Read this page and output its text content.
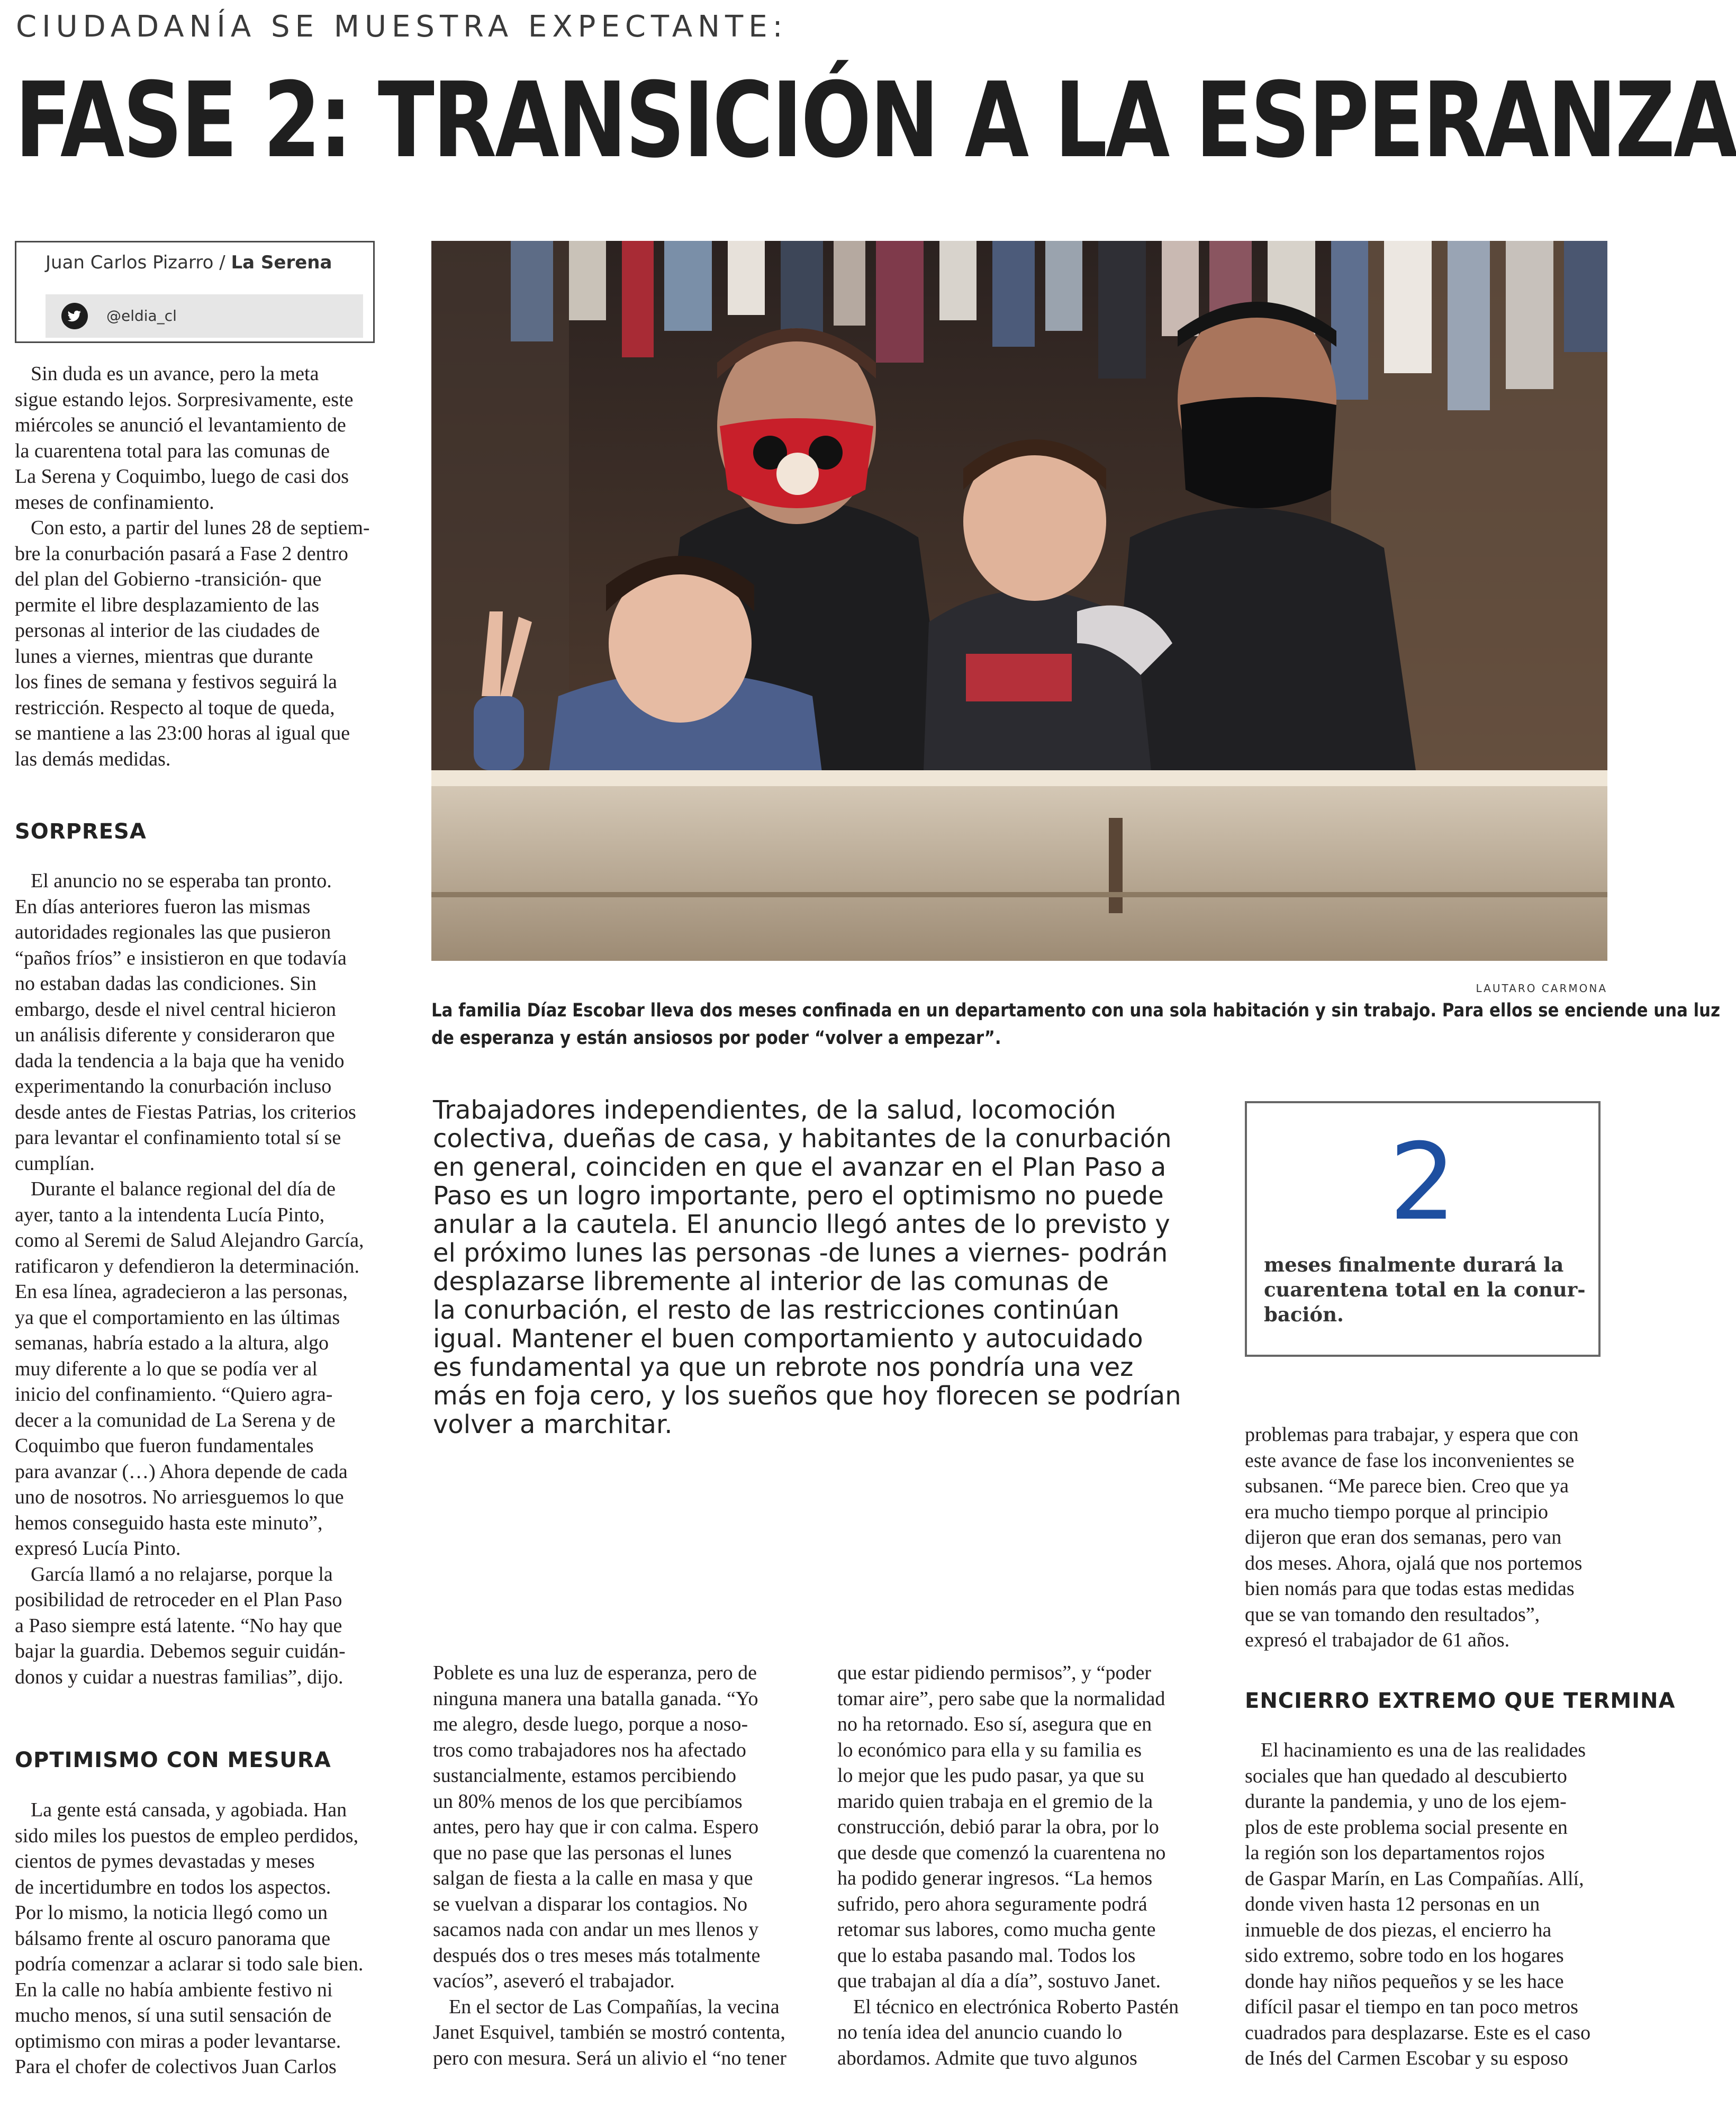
CIUDADANÍA SE MUESTRA EXPECTANTE:
FASE 2: TRANSICIÓN A LA ESPERANZA
Juan Carlos Pizarro / La Serena
@eldia_cl

Sin duda es un avance, pero la meta
sigue estando lejos. Sorpresivamente, este
miércoles se anunció el levantamiento de
la cuarentena total para las comunas de
La Serena y Coquimbo, luego de casi dos
meses de confinamiento.

Con esto, a partir del lunes 28 de septiem-
bre la conurbación pasará a Fase 2 dentro
del plan del Gobierno -transición- que
permite el libre desplazamiento de las
personas al interior de las ciudades de
lunes a viernes, mientras que durante
los fines de semana y festivos seguirá la
restricción. Respecto al toque de queda,
se mantiene a las 23:00 horas al igual que
las demás medidas.

SORPRESA

El anuncio no se esperaba tan pronto.
En días anteriores fueron las mismas
autoridades regionales las que pusieron
“paños fríos” e insistieron en que todavía
no estaban dadas las condiciones. Sin
embargo, desde el nivel central hicieron
un análisis diferente y consideraron que
dada la tendencia a la baja que ha venido
experimentando la conurbación incluso
desde antes de Fiestas Patrias, los criterios
para levantar el confinamiento total sí se
cumplían.

Durante el balance regional del día de
ayer, tanto a la intendenta Lucía Pinto,
como al Seremi de Salud Alejandro García,
ratificaron y defendieron la determinación.
En esa línea, agradecieron a las personas,
ya que el comportamiento en las últimas
semanas, habría estado a la altura, algo
muy diferente a lo que se podía ver al
inicio del confinamiento. “Quiero agra-
decer a la comunidad de La Serena y de
Coquimbo que fueron fundamentales
para avanzar (…) Ahora depende de cada
uno de nosotros. No arriesguemos lo que
hemos conseguido hasta este minuto”,
expresó Lucía Pinto.

García llamó a no relajarse, porque la
posibilidad de retroceder en el Plan Paso
a Paso siempre está latente. “No hay que
bajar la guardia. Debemos seguir cuidán-
donos y cuidar a nuestras familias”, dijo.

OPTIMISMO CON MESURA

La gente está cansada, y agobiada. Han
sido miles los puestos de empleo perdidos,
cientos de pymes devastadas y meses
de incertidumbre en todos los aspectos.
Por lo mismo, la noticia llegó como un
bálsamo frente al oscuro panorama que
podría comenzar a aclarar si todo sale bien.
En la calle no había ambiente festivo ni
mucho menos, sí una sutil sensación de
optimismo con miras a poder levantarse.
Para el chofer de colectivos Juan Carlos

LAUTARO CARMONA
La familia Díaz Escobar lleva dos meses confinada en un departamento con una sola habitación y sin trabajo. Para ellos se enciende una luz
de esperanza y están ansiosos por poder “volver a empezar”.
Trabajadores independientes, de la salud, locomoción
colectiva, dueñas de casa, y habitantes de la conurbación
en general, coinciden en que el avanzar en el Plan Paso a
Paso es un logro importante, pero el optimismo no puede
anular a la cautela. El anuncio llegó antes de lo previsto y
el próximo lunes las personas -de lunes a viernes- podrán
desplazarse libremente al interior de las comunas de
la conurbación, el resto de las restricciones continúan
igual. Mantener el buen comportamiento y autocuidado
es fundamental ya que un rebrote nos pondría una vez
más en foja cero, y los sueños que hoy florecen se podrían
volver a marchitar.
2
meses finalmente durará la
cuarentena total en la conur-
bación.

Poblete es una luz de esperanza, pero de
ninguna manera una batalla ganada. “Yo
me alegro, desde luego, porque a noso-
tros como trabajadores nos ha afectado
sustancialmente, estamos percibiendo
un 80% menos de los que percibíamos
antes, pero hay que ir con calma. Espero
que no pase que las personas el lunes
salgan de fiesta a la calle en masa y que
se vuelvan a disparar los contagios. No
sacamos nada con andar un mes llenos y
después dos o tres meses más totalmente
vacíos”, aseveró el trabajador.

En el sector de Las Compañías, la vecina
Janet Esquivel, también se mostró contenta,
pero con mesura. Será un alivio el “no tener

que estar pidiendo permisos”, y “poder
tomar aire”, pero sabe que la normalidad
no ha retornado. Eso sí, asegura que en
lo económico para ella y su familia es
lo mejor que les pudo pasar, ya que su
marido quien trabaja en el gremio de la
construcción, debió parar la obra, por lo
que desde que comenzó la cuarentena no
ha podido generar ingresos. “La hemos
sufrido, pero ahora seguramente podrá
retomar sus labores, como mucha gente
que lo estaba pasando mal. Todos los
que trabajan al día a día”, sostuvo Janet.

El técnico en electrónica Roberto Pastén
no tenía idea del anuncio cuando lo
abordamos. Admite que tuvo algunos

problemas para trabajar, y espera que con
este avance de fase los inconvenientes se
subsanen. “Me parece bien. Creo que ya
era mucho tiempo porque al principio
dijeron que eran dos semanas, pero van
dos meses. Ahora, ojalá que nos portemos
bien nomás para que todas estas medidas
que se van tomando den resultados”,
expresó el trabajador de 61 años.

ENCIERRO EXTREMO QUE TERMINA

El hacinamiento es una de las realidades
sociales que han quedado al descubierto
durante la pandemia, y uno de los ejem-
plos de este problema social presente en
la región son los departamentos rojos
de Gaspar Marín, en Las Compañías. Allí,
donde viven hasta 12 personas en un
inmueble de dos piezas, el encierro ha
sido extremo, sobre todo en los hogares
donde hay niños pequeños y se les hace
difícil pasar el tiempo en tan poco metros
cuadrados para desplazarse. Este es el caso
de Inés del Carmen Escobar y su esposo
